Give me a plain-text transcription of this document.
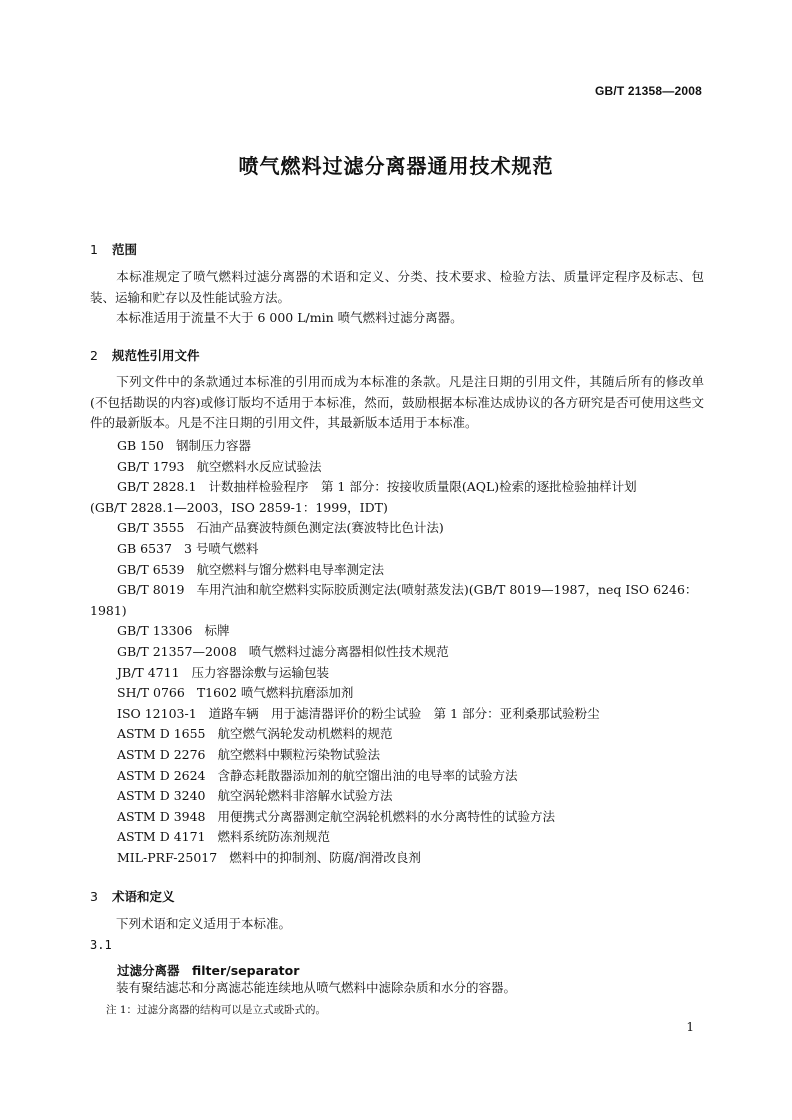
GB/T 21358—2008
喷气燃料过滤分离器通用技术规范
1 范围
本标准规定了喷气燃料过滤分离器的术语和定义、分类、技术要求、检验方法、质量评定程序及标志、包装、运输和贮存以及性能试验方法。
本标准适用于流量不大于 6 000 L/min 喷气燃料过滤分离器。
2 规范性引用文件
下列文件中的条款通过本标准的引用而成为本标准的条款。凡是注日期的引用文件，其随后所有的修改单(不包括勘误的内容)或修订版均不适用于本标准，然而，鼓励根据本标准达成协议的各方研究是否可使用这些文件的最新版本。凡是不注日期的引用文件，其最新版本适用于本标准。
GB 150 钢制压力容器
GB/T 1793 航空燃料水反应试验法
GB/T 2828.1 计数抽样检验程序　第 1 部分：按接收质量限(AQL)检索的逐批检验抽样计划
(GB/T 2828.1—2003，ISO 2859-1：1999，IDT)
GB/T 3555 石油产品赛波特颜色测定法(赛波特比色计法)
GB 6537 3 号喷气燃料
GB/T 6539 航空燃料与馏分燃料电导率测定法
GB/T 8019 车用汽油和航空燃料实际胶质测定法(喷射蒸发法)(GB/T 8019—1987，neq ISO 6246：
1981)
GB/T 13306 标牌
GB/T 21357—2008 喷气燃料过滤分离器相似性技术规范
JB/T 4711 压力容器涂敷与运输包装
SH/T 0766 T1602 喷气燃料抗磨添加剂
ISO 12103-1 道路车辆　用于滤清器评价的粉尘试验　第 1 部分：亚利桑那试验粉尘
ASTM D 1655 航空燃气涡轮发动机燃料的规范
ASTM D 2276 航空燃料中颗粒污染物试验法
ASTM D 2624 含静态耗散器添加剂的航空馏出油的电导率的试验方法
ASTM D 3240 航空涡轮燃料非溶解水试验方法
ASTM D 3948 用便携式分离器测定航空涡轮机燃料的水分离特性的试验方法
ASTM D 4171 燃料系统防冻剂规范
MIL-PRF-25017 燃料中的抑制剂、防腐/润滑改良剂
3 术语和定义
下列术语和定义适用于本标准。
3.1
过滤分离器　filter/separator
装有聚结滤芯和分离滤芯能连续地从喷气燃料中滤除杂质和水分的容器。
注 1：过滤分离器的结构可以是立式或卧式的。
1
